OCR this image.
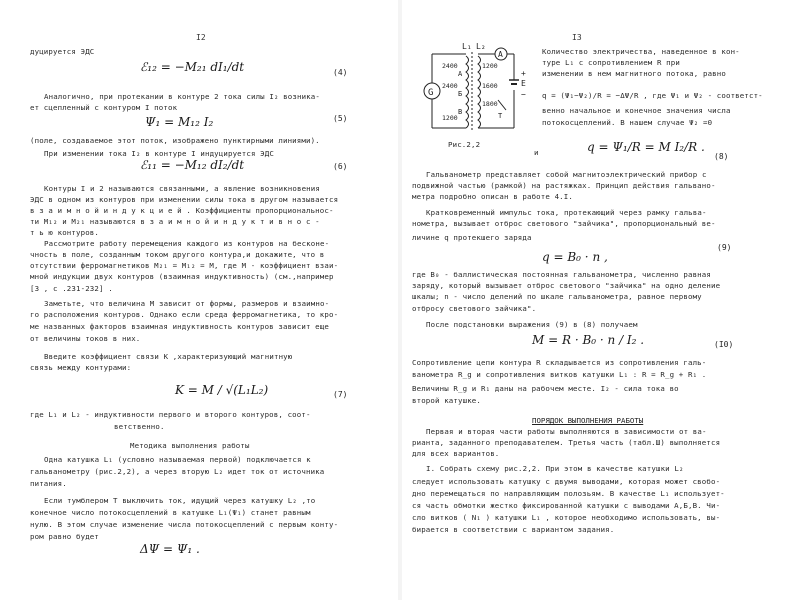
I2
дуцируется ЭДС
ℰ₁₂ = −M₂₁ dI₁/dt	(4)
Аналогично, при протекании в контуре 2 тока силы I₂ возника-
ет сцепленный с контуром I поток
Ψ₁ = M₁₂ I₂	(5)
(поле, создаваемое этот поток, изображено пунктирными линиями).
При изменении тока I₂ в контуре I индуцируется ЭДС
ℰ₁₁ = −M₁₂ dI₂/dt	(6)
Контуры I и 2 называются связанными, а явление возникновения
ЭДС в одном из контуров при изменении силы тока в другом называется
в з а и м н о й и н д у к ц и е й . Коэффициенты пропорциональнос-
ти M₁₂ и M₂₁ называются в з а и м н о й и н д у к т и в н о с -
т ь ю контуров.
Рассмотрите работу перемещения каждого из контуров на бесконе-
чность в поле, созданным током другого контура,и докажите, что в
отсутствии ферромагнетиков M₂₁ = M₁₂ = M, где M - коэффициент взаи-
мной индукции двух контуров (взаимная индуктивность) (см.,например
[3 , с .231-232] .
Заметьте, что величина M зависит от формы, размеров и взаимно-
го расположения контуров. Однако если среда ферромагнетика, то кро-
ме названных факторов взаимная индуктивность контуров зависит еще
от величины токов в них.
Введите коэффициент связи K ,характеризующий магнитную
связь между контурами:
K = M / √(L₁L₂)	(7)
где L₁ и L₂ - индуктивности первого и второго контуров, соот-
ветственно.
Методика выполнения работы
Одна катушка L₁ (условно называемая первой) подключается к
гальванометру (рис.2,2), а через вторую L₂ идет ток от источника
питания.
Если тумблером T выключить ток, идущий через катушку L₂ ,то
конечное число потокосцеплений в катушке L₁(Ψ₁) станет равным
нулю. В этом случае изменение числа потокосцеплений с первым конту-
ром равно будет
ΔΨ = Ψ₁ .
I3
G
A
L₁ L₂
2400
2400
1200
1600
1800
1200
А
Б
В
E
+
−
T
Рис.2,2
Количество электричества, наведенное в кон-
туре L₁ с сопротивлением R при
изменении в нем магнитного потока, равно
q = (Ψ₁−Ψ₂)/R = −ΔΨ/R , где Ψ₁ и Ψ₂ - соответст-
венно начальное и конечное значения числа
потокосцеплений. В нашем случае Ψ₂ =0
и	q = Ψ₁/R = M I₂/R .
(8)
Гальванометр представляет собой магнитоэлектрический прибор с
подвижной частью (рамкой) на растяжках. Принцип действия гальвано-
метра подробно описан в работе 4.I.
Кратковременный импульс тока, протекающий через рамку гальва-
нометра, вызывает отброс светового "зайчика", пропорциональный ве-
личине q протекшего заряда
q = B₀ · n ,
(9)
где B₀ - баллистическая постоянная гальванометра, численно равная
заряду, который вызывает отброс светового "зайчика" на одно деление
шкалы; n - число делений по шкале гальванометра, равное первому
отбросу светового зайчика".
После подстановки выражения (9) в (8) получаем
M = R · B₀ · n / I₂ .	(I0)
Сопротивление цепи контура R складывается из сопротивления галь-
ванометра R_g и сопротивления витков катушки L₁ : R = R_g + R₁ .
Величины R_g и R₁ даны на рабочем месте. I₂ - сила тока во
второй катушке.
ПОРЯДОК ВЫПОЛНЕНИЯ РАБОТЫ
Первая и вторая части работы выполняются в зависимости от ва-
рианта, заданного преподавателем. Третья часть (табл.Ш) выполняется
для всех вариантов.
I. Собрать схему рис.2,2. При этом в качестве катушки L₂
следует использовать катушку с двумя выводами, которая может свобо-
дно перемещаться по направляющим полозьям. В качестве L₁ использует-
ся часть обмотки жестко фиксированной катушки с выводами А,Б,В. Чи-
сло витков ( N₁ ) катушки L₁ , которое необходимо использовать, вы-
бирается в соответствии с вариантом задания.
